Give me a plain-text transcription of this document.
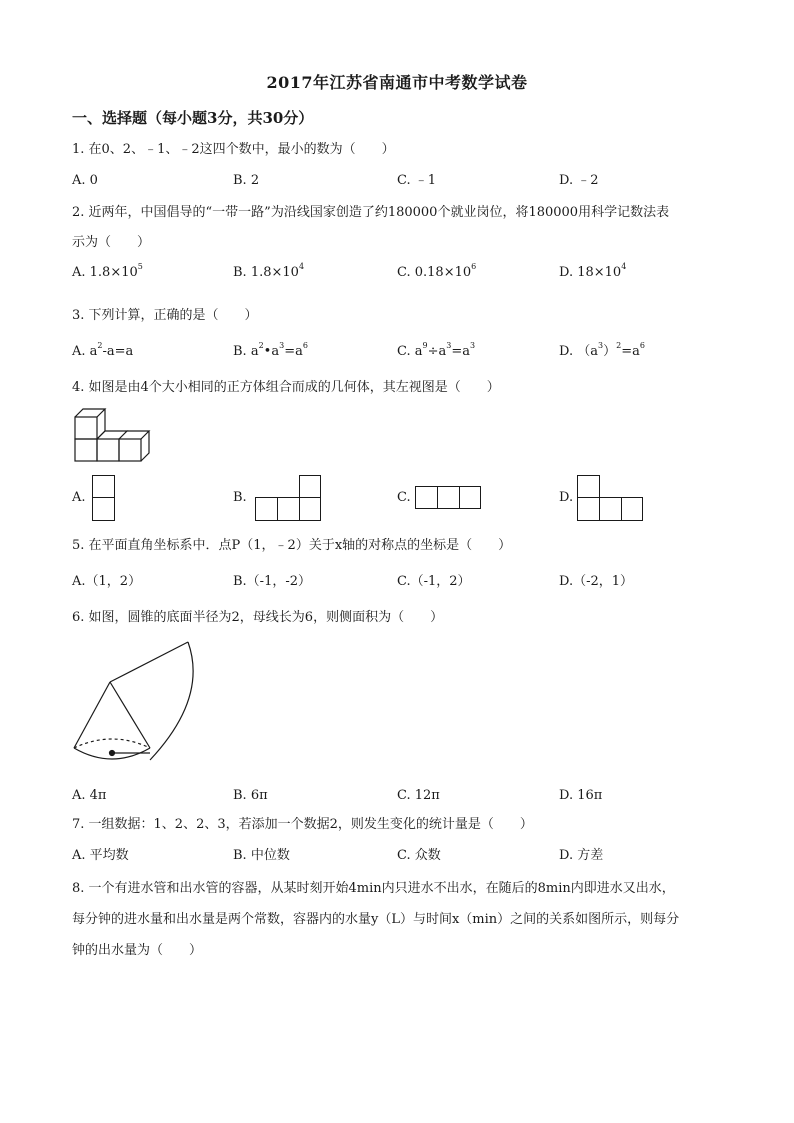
2017年江苏省南通市中考数学试卷
一、选择题（每小题3分，共30分）
1. 在0、2、﹣1、﹣2这四个数中，最小的数为（　　）
A. 0	B. 2	C. ﹣1	D. ﹣2
2. 近两年，中国倡导的“一带一路”为沿线国家创造了约180000个就业岗位，将180000用科学记数法表
示为（　　）
A. $1.8\times 10^5$	B. $1.8\times 10^4$	C. $0.18\times 10^6$	D. $18\times 10^4$
3. 下列计算，正确的是（　　）
A. $a^2-a=a$	B. $a^2•a^3=a^6$	C. $a^9\div a^3=a^3$	D. $(a^3)^2=a^6$
4. 如图是由4个大小相同的正方体组合而成的几何体，其左视图是（　　）
A.	B.	C.	D.
5. 在平面直角坐标系中．点P（1，﹣2）关于x轴的对称点的坐标是（　　）
A.（1，2）	B.（-1，-2）	C.（-1，2）	D.（-2，1）
6. 如图，圆锥的底面半径为2，母线长为6，则侧面积为（　　）
A. 4π	B. 6π	C. 12π	D. 16π
7. 一组数据：1、2、2、3，若添加一个数据2，则发生变化的统计量是（　　）
A. 平均数	B. 中位数	C. 众数	D. 方差
8. 一个有进水管和出水管的容器，从某时刻开始4min内只进水不出水，在随后的8min内即进水又出水，
每分钟的进水量和出水量是两个常数，容器内的水量y（L）与时间x（min）之间的关系如图所示，则每分
钟的出水量为（　　）
